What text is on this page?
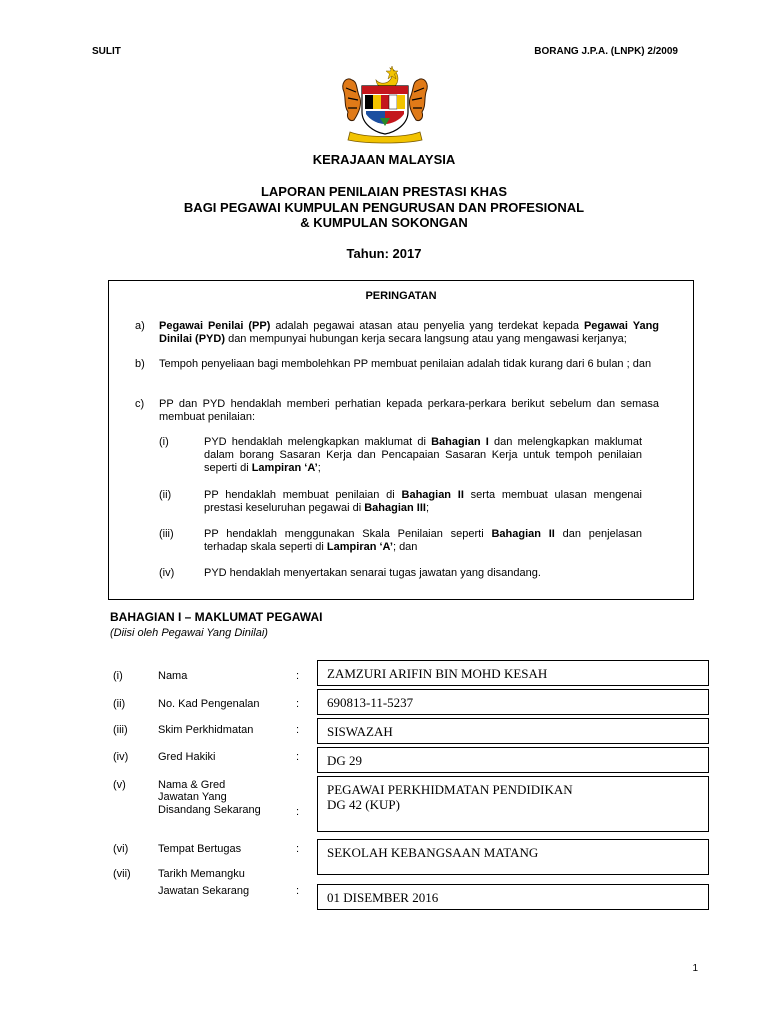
SULIT	BORANG J.P.A. (LNPK) 2/2009
KERAJAAN MALAYSIA
LAPORAN PENILAIAN PRESTASI KHAS
BAGI PEGAWAI KUMPULAN PENGURUSAN DAN PROFESIONAL
& KUMPULAN SOKONGAN
Tahun: 2017
PERINGATAN
a) Pegawai Penilai (PP) adalah pegawai atasan atau penyelia yang terdekat kepada Pegawai Yang Dinilai (PYD) dan mempunyai hubungan kerja secara langsung atau yang mengawasi kerjanya;
b) Tempoh penyeliaan bagi membolehkan PP membuat penilaian adalah tidak kurang dari 6 bulan ; dan
c) PP dan PYD hendaklah memberi perhatian kepada perkara-perkara berikut sebelum dan semasa membuat penilaian:
(i)	PYD hendaklah melengkapkan maklumat di Bahagian I dan melengkapkan maklumat dalam borang Sasaran Kerja dan Pencapaian Sasaran Kerja untuk tempoh penilaian seperti di Lampiran ‘A’;
(ii)	PP hendaklah membuat penilaian di Bahagian II serta membuat ulasan mengenai prestasi keseluruhan pegawai di Bahagian III;
(iii)	PP hendaklah menggunakan Skala Penilaian seperti Bahagian II dan penjelasan terhadap skala seperti di Lampiran ‘A’; dan
(iv)	PYD hendaklah menyertakan senarai tugas jawatan yang disandang.
BAHAGIAN I – MAKLUMAT PEGAWAI
(Diisi oleh Pegawai Yang Dinilai)
(i)	Nama	:	ZAMZURI ARIFIN BIN MOHD KESAH
(ii)	No. Kad Pengenalan	:	690813-11-5237
(iii)	Skim Perkhidmatan	:	SISWAZAH
(iv)	Gred Hakiki	:	DG 29
(v)	Nama & Gred
Jawatan Yang
Disandang Sekarang	:
PEGAWAI PERKHIDMATAN PENDIDIKAN
DG 42 (KUP)
(vi)	Tempat Bertugas	:	SEKOLAH KEBANGSAAN MATANG
(vii) Tarikh Memangku
Jawatan Sekarang	:	01 DISEMBER 2016
1
